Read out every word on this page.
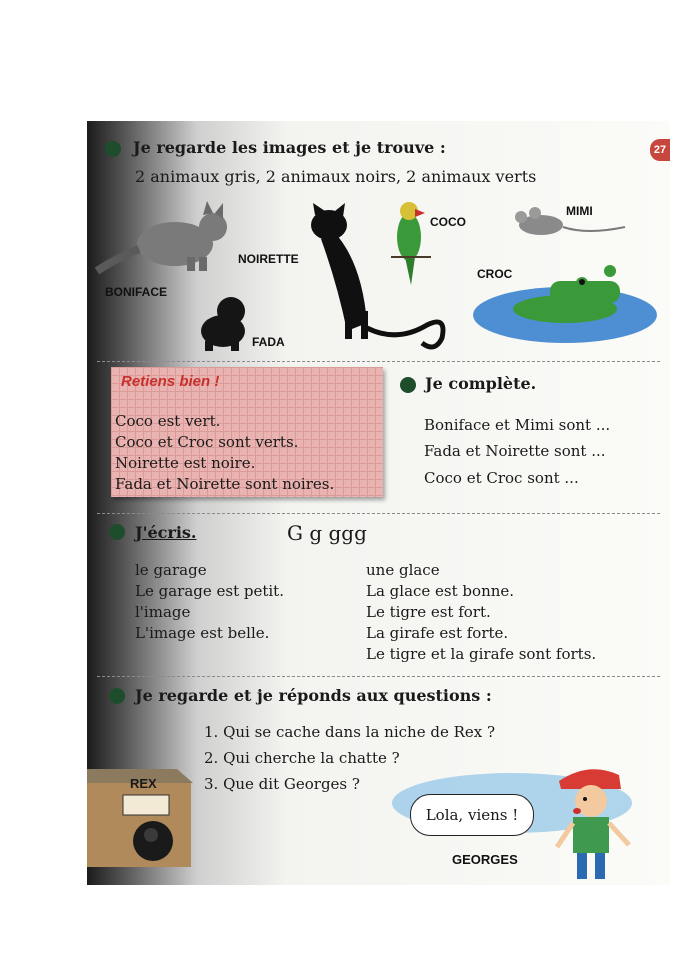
27
Je regarde les images et je trouve :
2 animaux gris, 2 animaux noirs, 2 animaux verts
BONIFACE
FADA
NOIRETTE
COCO
MIMI
CROC
Retiens bien !
Coco est vert.
Coco et Croc sont verts.
Noirette est noire.
Fada et Noirette sont noires.
Je complète.
Boniface et Mimi sont ...
Fada et Noirette sont ...
Coco et Croc sont ...
J'écris.	G g ggg
le garage
Le garage est petit.
l'image
L'image est belle.
une glace
La glace est bonne.
Le tigre est fort.
La girafe est forte.
Le tigre et la girafe sont forts.
Je regarde et je réponds aux questions :
1. Qui se cache dans la niche de Rex ?
2. Qui cherche la chatte ?
3. Que dit Georges ?
REX
Lola, viens !
GEORGES
